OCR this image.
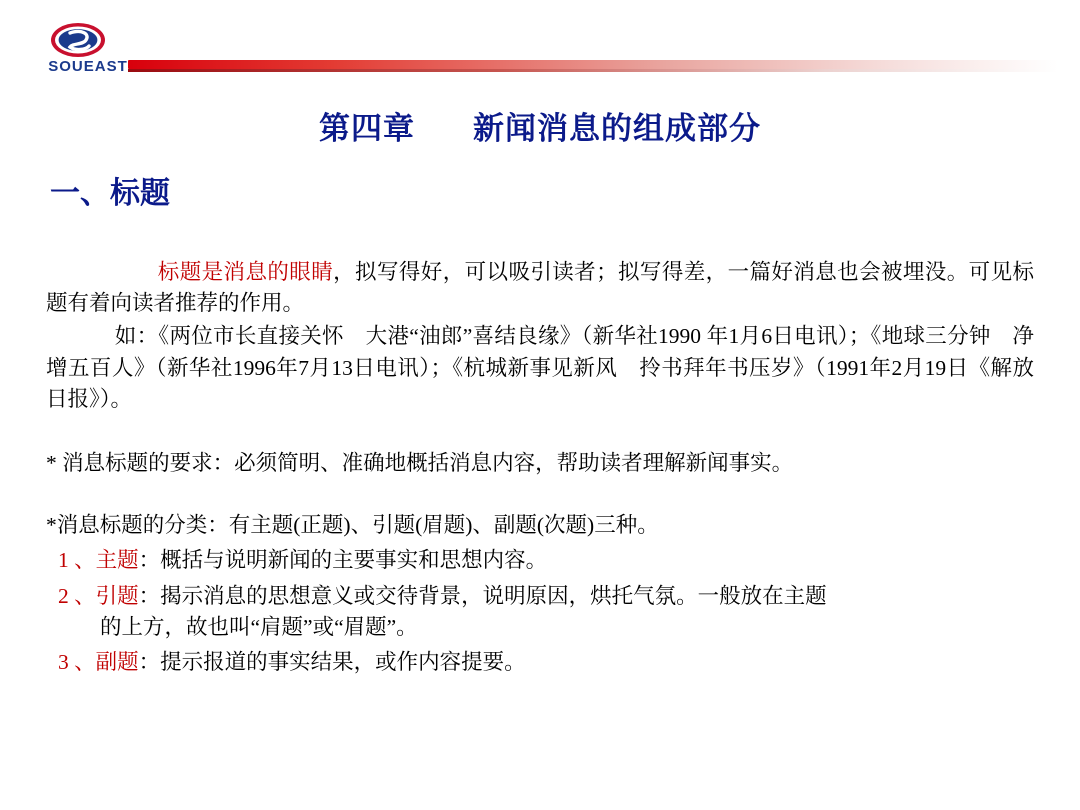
SOUEAST
第四章 新闻消息的组成部分
一、标题
标题是消息的眼睛，拟写得好，可以吸引读者；拟写得差，一篇好消息也会被埋没。可见标题有着向读者推荐的作用。
如：《两位市长直接关怀　大港“油郎”喜结良缘》（新华社1990 年1月6日电讯）；《地球三分钟　净增五百人》（新华社1996年7月13日电讯）；《杭城新事见新风　拎书拜年书压岁》（1991年2月19日《解放日报》）。
* 消息标题的要求：必须简明、准确地概括消息内容，帮助读者理解新闻事实。
*消息标题的分类：有主题(正题)、引题(眉题)、副题(次题)三种。
1 、主题：概括与说明新闻的主要事实和思想内容。
2 、引题：揭示消息的思想意义或交待背景，说明原因，烘托气氛。一般放在主题
的上方，故也叫“肩题”或“眉题”。
3 、副题：提示报道的事实结果，或作内容提要。
